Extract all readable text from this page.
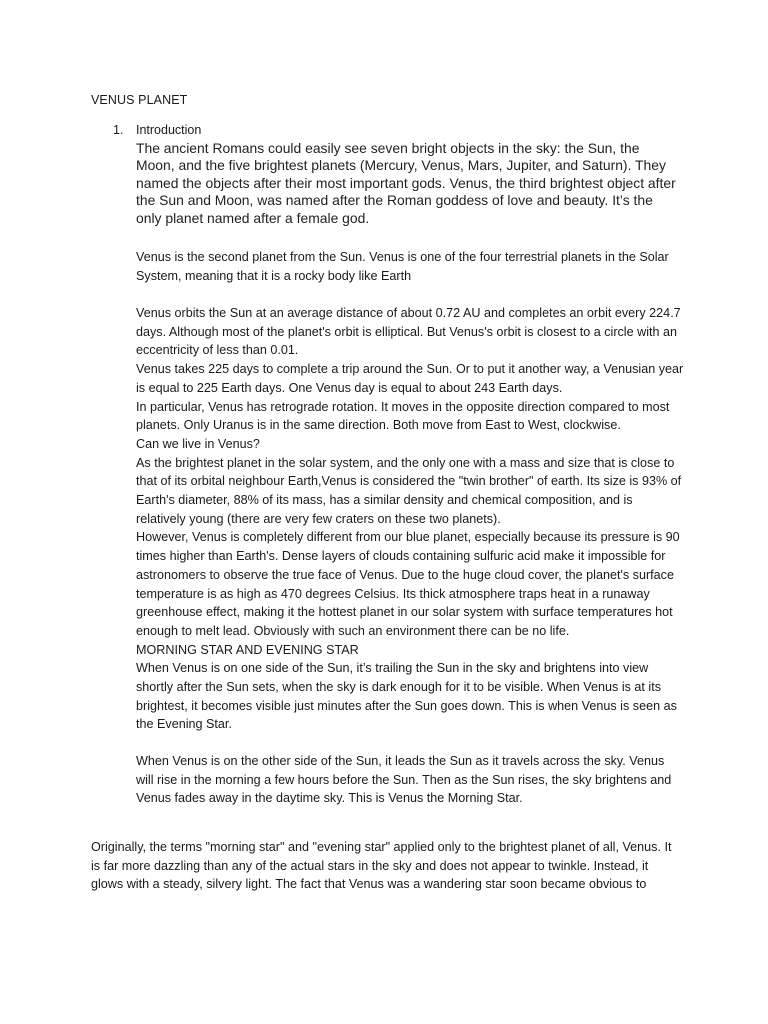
VENUS PLANET
1. Introduction
The ancient Romans could easily see seven bright objects in the sky: the Sun, the Moon, and the five brightest planets (Mercury, Venus, Mars, Jupiter, and Saturn). They named the objects after their most important gods. Venus, the third brightest object after the Sun and Moon, was named after the Roman goddess of love and beauty. It’s the only planet named after a female god.

Venus is the second planet from the Sun. Venus is one of the four terrestrial planets in the Solar System, meaning that it is a rocky body like Earth

Venus orbits the Sun at an average distance of about 0.72 AU and completes an orbit every 224.7 days. Although most of the planet's orbit is elliptical. But Venus's orbit is closest to a circle with an eccentricity of less than 0.01.

Venus takes 225 days to complete a trip around the Sun. Or to put it another way, a Venusian year is equal to 225 Earth days. One Venus day is equal to about 243 Earth days.

In particular, Venus has retrograde rotation. It moves in the opposite direction compared to most planets. Only Uranus is in the same direction. Both move from East to West, clockwise.

Can we live in Venus?

As the brightest planet in the solar system, and the only one with a mass and size that is close to that of its orbital neighbour Earth,Venus is considered the "twin brother" of earth. Its size is 93% of Earth's diameter, 88% of its mass, has a similar density and chemical composition, and is relatively young (there are very few craters on these two planets).

However, Venus is completely different from our blue planet, especially because its pressure is 90 times higher than Earth's. Dense layers of clouds containing sulfuric acid make it impossible for astronomers to observe the true face of Venus. Due to the huge cloud cover, the planet's surface temperature is as high as 470 degrees Celsius. Its thick atmosphere traps heat in a runaway greenhouse effect, making it the hottest planet in our solar system with surface temperatures hot enough to melt lead. Obviously with such an environment there can be no life.

MORNING STAR AND EVENING STAR

When Venus is on one side of the Sun, it’s trailing the Sun in the sky and brightens into view shortly after the Sun sets, when the sky is dark enough for it to be visible. When Venus is at its brightest, it becomes visible just minutes after the Sun goes down. This is when Venus is seen as the Evening Star.

When Venus is on the other side of the Sun, it leads the Sun as it travels across the sky. Venus will rise in the morning a few hours before the Sun. Then as the Sun rises, the sky brightens and Venus fades away in the daytime sky. This is Venus the Morning Star.

Originally, the terms "morning star" and "evening star" applied only to the brightest planet of all, Venus. It is far more dazzling than any of the actual stars in the sky and does not appear to twinkle. Instead, it glows with a steady, silvery light. The fact that Venus was a wandering star soon became obvious to
